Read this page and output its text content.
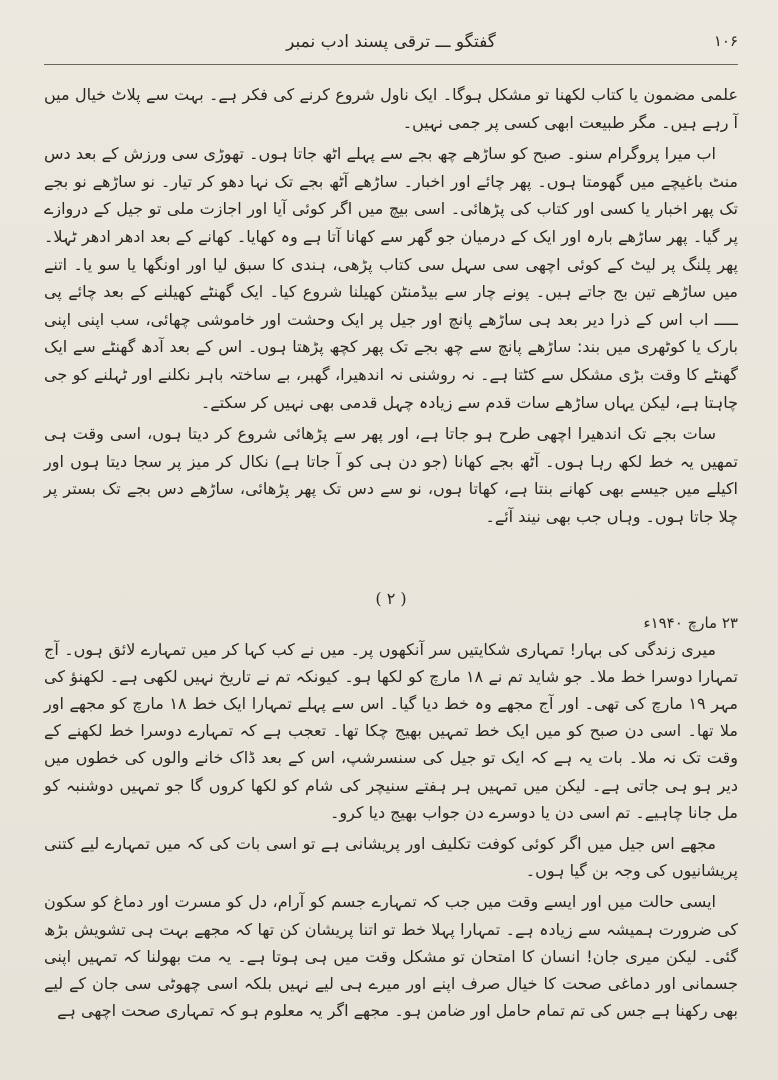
گفتگو ـــ ترقی پسند ادب نمبر	۱۰۶

علمی مضمون یا کتاب لکھنا تو مشکل ہوگا۔ ایک ناول شروع کرنے کی فکر ہے۔ بہت سے پلاٹ خیال میں آ رہے ہیں۔ مگر طبیعت ابھی کسی پر جمی نہیں۔

اب میرا پروگرام سنو۔ صبح کو ساڑھے چھ بجے سے پہلے اٹھ جاتا ہوں۔ تھوڑی سی ورزش کے بعد دس منٹ باغیچے میں گھومتا ہوں۔ پھر چائے اور اخبار۔ ساڑھے آٹھ بجے تک نہا دھو کر تیار۔ نو ساڑھے نو بجے تک پھر اخبار یا کسی اور کتاب کی پڑھائی۔ اسی بیچ میں اگر کوئی آیا اور اجازت ملی تو جیل کے دروازے پر گیا۔ پھر ساڑھے بارہ اور ایک کے درمیان جو گھر سے کھانا آتا ہے وہ کھایا۔ کھانے کے بعد ادھر ادھر ٹہلا۔ پھر پلنگ پر لیٹ کے کوئی اچھی سی سہل سی کتاب پڑھی، ہندی کا سبق لیا اور اونگھا یا سو یا۔ اتنے میں ساڑھے تین بج جاتے ہیں۔ پونے چار سے بیڈمنٹن کھیلنا شروع کیا۔ ایک گھنٹے کھیلنے کے بعد چائے پی ـــــ اب اس کے ذرا دیر بعد ہی ساڑھے پانچ اور جیل پر ایک وحشت اور خاموشی چھائی، سب اپنی اپنی بارک یا کوٹھری میں بند: ساڑھے پانچ سے چھ بجے تک پھر کچھ پڑھتا ہوں۔ اس کے بعد آدھ گھنٹے سے ایک گھنٹے کا وقت بڑی مشکل سے کٹتا ہے۔ نہ روشنی نہ اندھیرا، گھبر، بے ساختہ باہر نکلنے اور ٹہلنے کو جی چاہتا ہے، لیکن یہاں ساڑھے سات قدم سے زیادہ چہل قدمی بھی نہیں کر سکتے۔

سات بجے تک اندھیرا اچھی طرح ہو جاتا ہے، اور پھر سے پڑھائی شروع کر دیتا ہوں، اسی وقت ہی تمھیں یہ خط لکھ رہا ہوں۔ آٹھ بجے کھانا (جو دن ہی کو آ جاتا ہے) نکال کر میز پر سجا دیتا ہوں اور اکیلے میں جیسے بھی کھانے بنتا ہے، کھاتا ہوں، نو سے دس تک پھر پڑھائی، ساڑھے دس بجے تک بستر پر چلا جاتا ہوں۔ وہاں جب بھی نیند آئے۔

( ۲ )
۲۳ مارچ ۱۹۴۰ء

میری زندگی کی بہار! تمہاری شکایتیں سر آنکھوں پر۔ میں نے کب کہا کر میں تمہارے لائق ہوں۔ آج تمہارا دوسرا خط ملا۔ جو شاید تم نے ۱۸ مارچ کو لکھا ہو۔ کیونکہ تم نے تاریخ نہیں لکھی ہے۔ لکھنؤ کی مہر ۱۹ مارچ کی تھی۔ اور آج مجھے وہ خط دیا گیا۔ اس سے پہلے تمہارا ایک خط ۱۸ مارچ کو مجھے اور ملا تھا۔ اسی دن صبح کو میں ایک خط تمہیں بھیج چکا تھا۔ تعجب ہے کہ تمہارے دوسرا خط لکھنے کے وقت تک نہ ملا۔ بات یہ ہے کہ ایک تو جیل کی سنسرشپ، اس کے بعد ڈاک خانے والوں کی خطوں میں دیر ہو ہی جاتی ہے۔ لیکن میں تمہیں ہر ہفتے سنیچر کی شام کو لکھا کروں گا جو تمہیں دوشنبہ کو مل جانا چاہیے۔ تم اسی دن یا دوسرے دن جواب بھیج دیا کرو۔

مجھے اس جیل میں اگر کوئی کوفت تکلیف اور پریشانی ہے تو اسی بات کی کہ میں تمہارے لیے کتنی پریشانیوں کی وجہ بن گیا ہوں۔

ایسی حالت میں اور ایسے وقت میں جب کہ تمہارے جسم کو آرام، دل کو مسرت اور دماغ کو سکون کی ضرورت ہمیشہ سے زیادہ ہے۔ تمہارا پہلا خط تو اتنا پریشان کن تھا کہ مجھے بہت ہی تشویش بڑھ گئی۔ لیکن میری جان! انسان کا امتحان تو مشکل وقت میں ہی ہوتا ہے۔ یہ مت بھولنا کہ تمہیں اپنی جسمانی اور دماغی صحت کا خیال صرف اپنے اور میرے ہی لیے نہیں بلکہ اسی چھوٹی سی جان کے لیے بھی رکھنا ہے جس کی تم تمام حامل اور ضامن ہو۔ مجھے اگر یہ معلوم ہو کہ تمہاری صحت اچھی ہے
